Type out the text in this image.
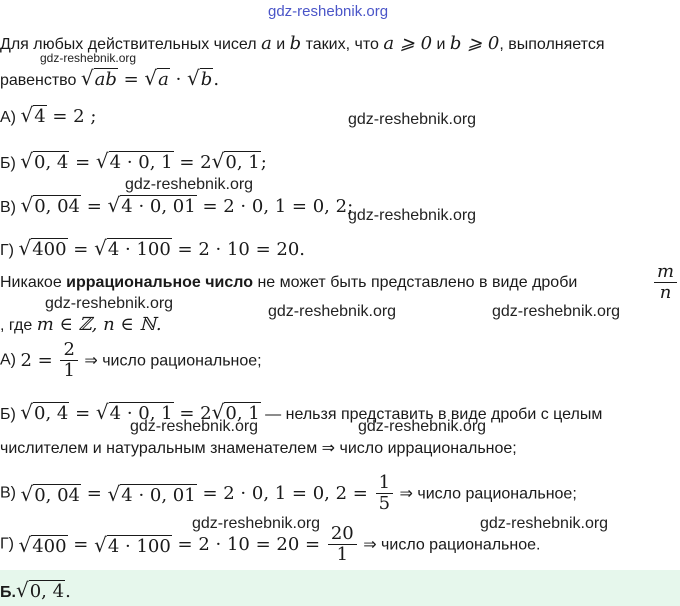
gdz-reshebnik.org
gdz-reshebnik.org
gdz-reshebnik.org
gdz-reshebnik.org
gdz-reshebnik.org
gdz-reshebnik.org	gdz-reshebnik.org	gdz-reshebnik.org
gdz-reshebnik.org	gdz-reshebnik.org
gdz-reshebnik.org	gdz-reshebnik.org
Для любых действительных чисел a и b таких, что a ⩾ 0 и b ⩾ 0, выполняется
равенство √ab = √a · √b.
А) √4 = 2 ;
Б) √0, 4 = √4 · 0, 1 = 2√0, 1;
В) √0, 04 = √4 · 0, 01 = 2 · 0, 1 = 0, 2;
Г) √400 = √4 · 100 = 2 · 10 = 20.
Никакое иррациональное число не может быть представлено в виде дроби	$\frac{m}{n}$
, где m ∈ ℤ, n ∈ ℕ.
А) $2 = \frac{2}{1}$ ⇒ число рациональное;
Б) √0, 4 = √4 · 0, 1 = 2√0, 1 — нельзя представить в виде дроби с целым
числителем и натуральным знаменателем ⇒ число иррациональное;
В) √0, 04 = √4 · 0, 01 = 2 · 0, 1 = 0, $2 = \frac{1}{5}$ ⇒ число рациональное;
Г) $√400 = √4 \cdot 100 = 2 \cdot 10 = 20 = \frac{20}{1}$ ⇒ число рациональное.
Б.√0, 4.
